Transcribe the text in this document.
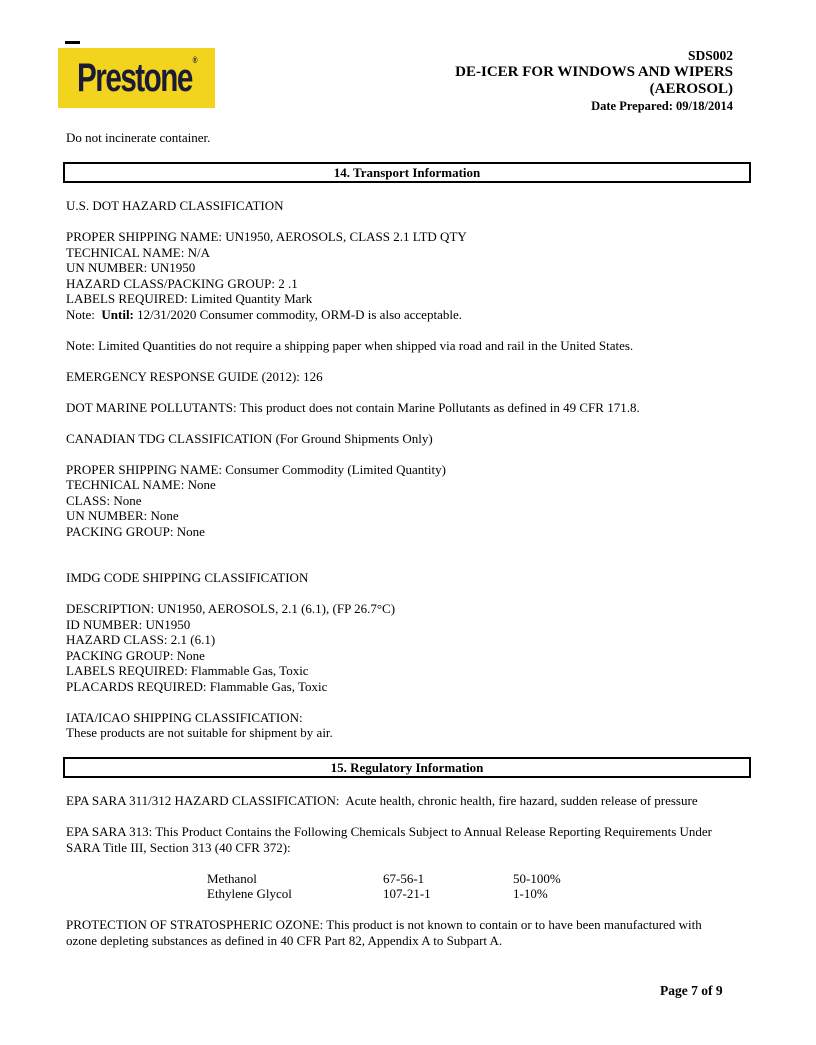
Prestone®	SDS002
DE-ICER FOR WINDOWS AND WIPERS
(AEROSOL)
Date Prepared: 09/18/2014
Do not incinerate container.
14. Transport Information
U.S. DOT HAZARD CLASSIFICATION
PROPER SHIPPING NAME: UN1950, AEROSOLS, CLASS 2.1 LTD QTY
TECHNICAL NAME: N/A
UN NUMBER: UN1950
HAZARD CLASS/PACKING GROUP: 2 .1
LABELS REQUIRED: Limited Quantity Mark
Note:  Until: 12/31/2020 Consumer commodity, ORM-D is also acceptable.
Note: Limited Quantities do not require a shipping paper when shipped via road and rail in the United States.
EMERGENCY RESPONSE GUIDE (2012): 126
DOT MARINE POLLUTANTS: This product does not contain Marine Pollutants as defined in 49 CFR 171.8.
CANADIAN TDG CLASSIFICATION (For Ground Shipments Only)
PROPER SHIPPING NAME: Consumer Commodity (Limited Quantity)
TECHNICAL NAME: None
CLASS: None
UN NUMBER: None
PACKING GROUP: None
IMDG CODE SHIPPING CLASSIFICATION
DESCRIPTION: UN1950, AEROSOLS, 2.1 (6.1), (FP 26.7°C)
ID NUMBER: UN1950
HAZARD CLASS: 2.1 (6.1)
PACKING GROUP: None
LABELS REQUIRED: Flammable Gas, Toxic
PLACARDS REQUIRED: Flammable Gas, Toxic
IATA/ICAO SHIPPING CLASSIFICATION:
These products are not suitable for shipment by air.
15. Regulatory Information
EPA SARA 311/312 HAZARD CLASSIFICATION:  Acute health, chronic health, fire hazard, sudden release of pressure
EPA SARA 313: This Product Contains the Following Chemicals Subject to Annual Release Reporting Requirements Under
SARA Title III, Section 313 (40 CFR 372):
Methanol	67-56-1	50-100%
Ethylene Glycol	107-21-1	1-10%
PROTECTION OF STRATOSPHERIC OZONE: This product is not known to contain or to have been manufactured with
ozone depleting substances as defined in 40 CFR Part 82, Appendix A to Subpart A.
Page 7 of 9
